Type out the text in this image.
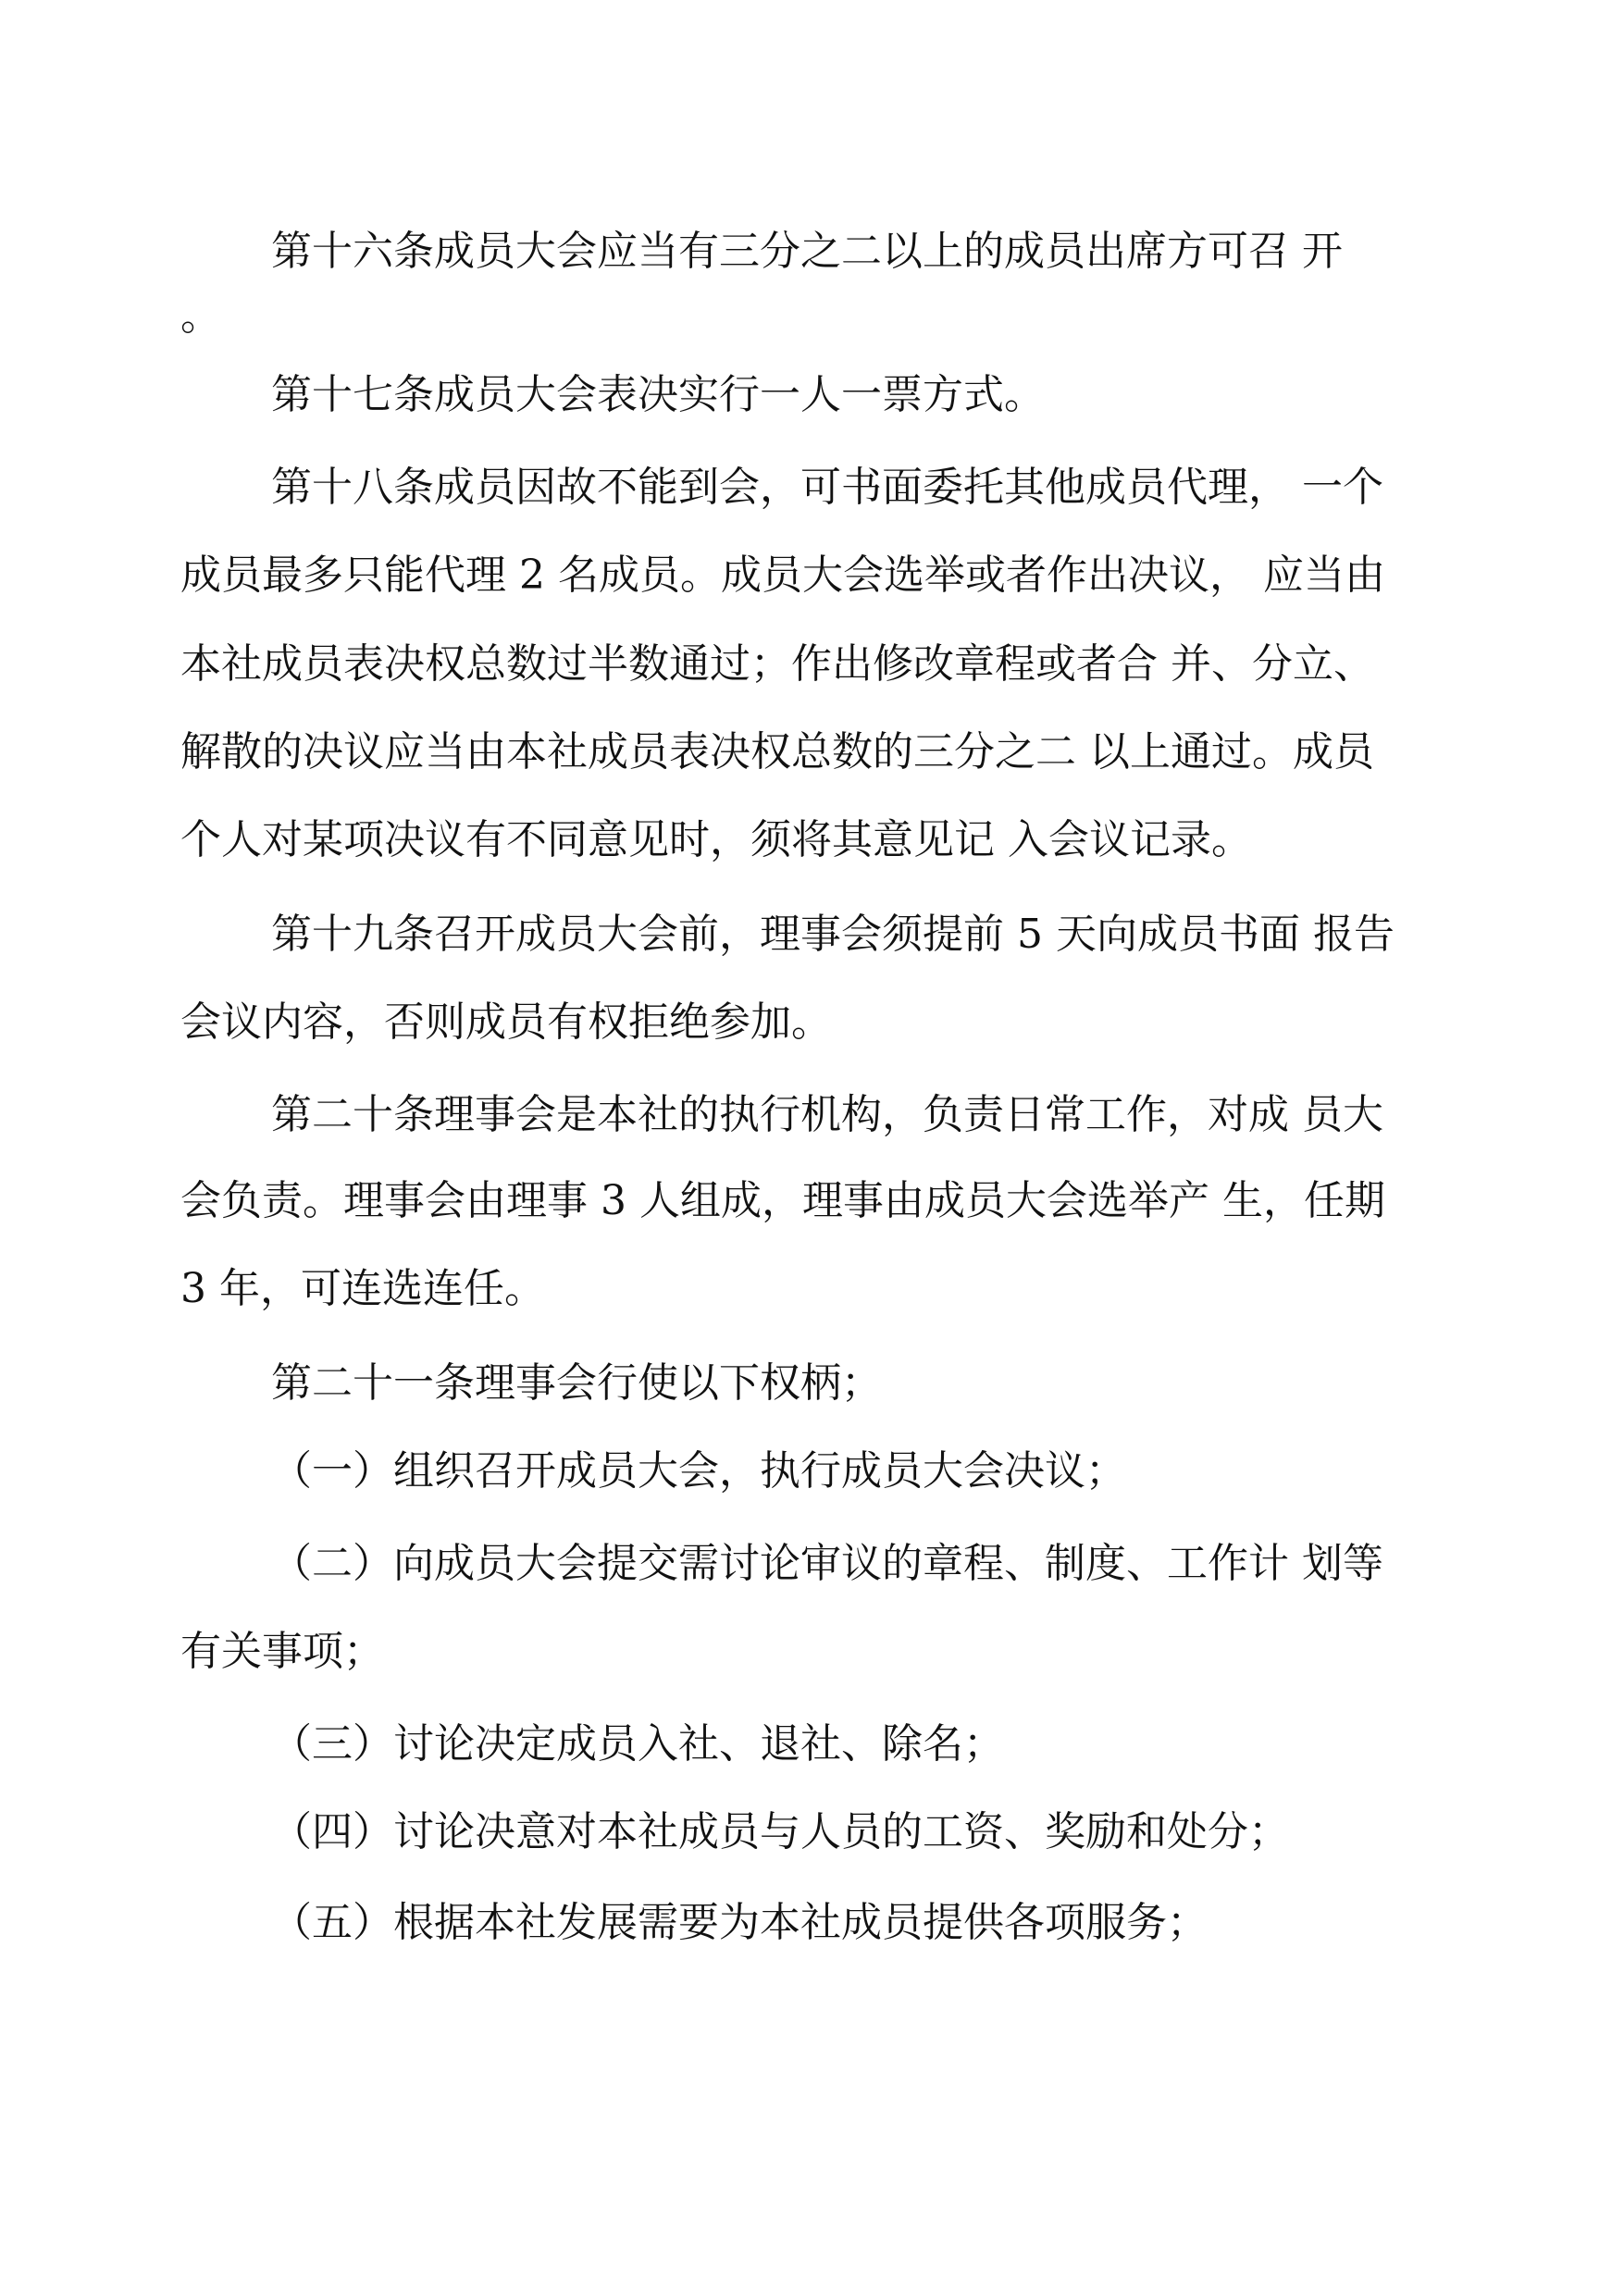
第十六条成员大会应当有三分之二以上的成员出席方可召 开
。
第十七条成员大会表决实行一人一票方式。
第十八条成员因故不能到会，可书面委托其他成员代理， 一个
成员最多只能代理 2 名成员。成员大会选举或者作出决议， 应当由
本社成员表决权总数过半数通过；作出修改章程或者合 并、分立、
解散的决议应当由本社成员表决权总数的三分之二 以上通过。成员
个人对某项决议有不同意见时，须将其意见记 入会议记录。
第十九条召开成员大会前，理事会须提前 5 天向成员书面 报告
会议内容，否则成员有权拒绝参加。
第二十条理事会是本社的执行机构，负责日常工作，对成 员大
会负责。理事会由理事 3 人组成，理事由成员大会选举产 生，任期
3 年，可连选连任。
第二十一条理事会行使以下权柄；
（一）组织召开成员大会，执行成员大会决议；
（二）向成员大会提交需讨论审议的章程、制度、工作计 划等
有关事项；
（三）讨论决定成员入社、退社、除名；
（四）讨论决意对本社成员与人员的工资、奖励和处分；
（五）根据本社发展需要为本社成员提供各项服务；
